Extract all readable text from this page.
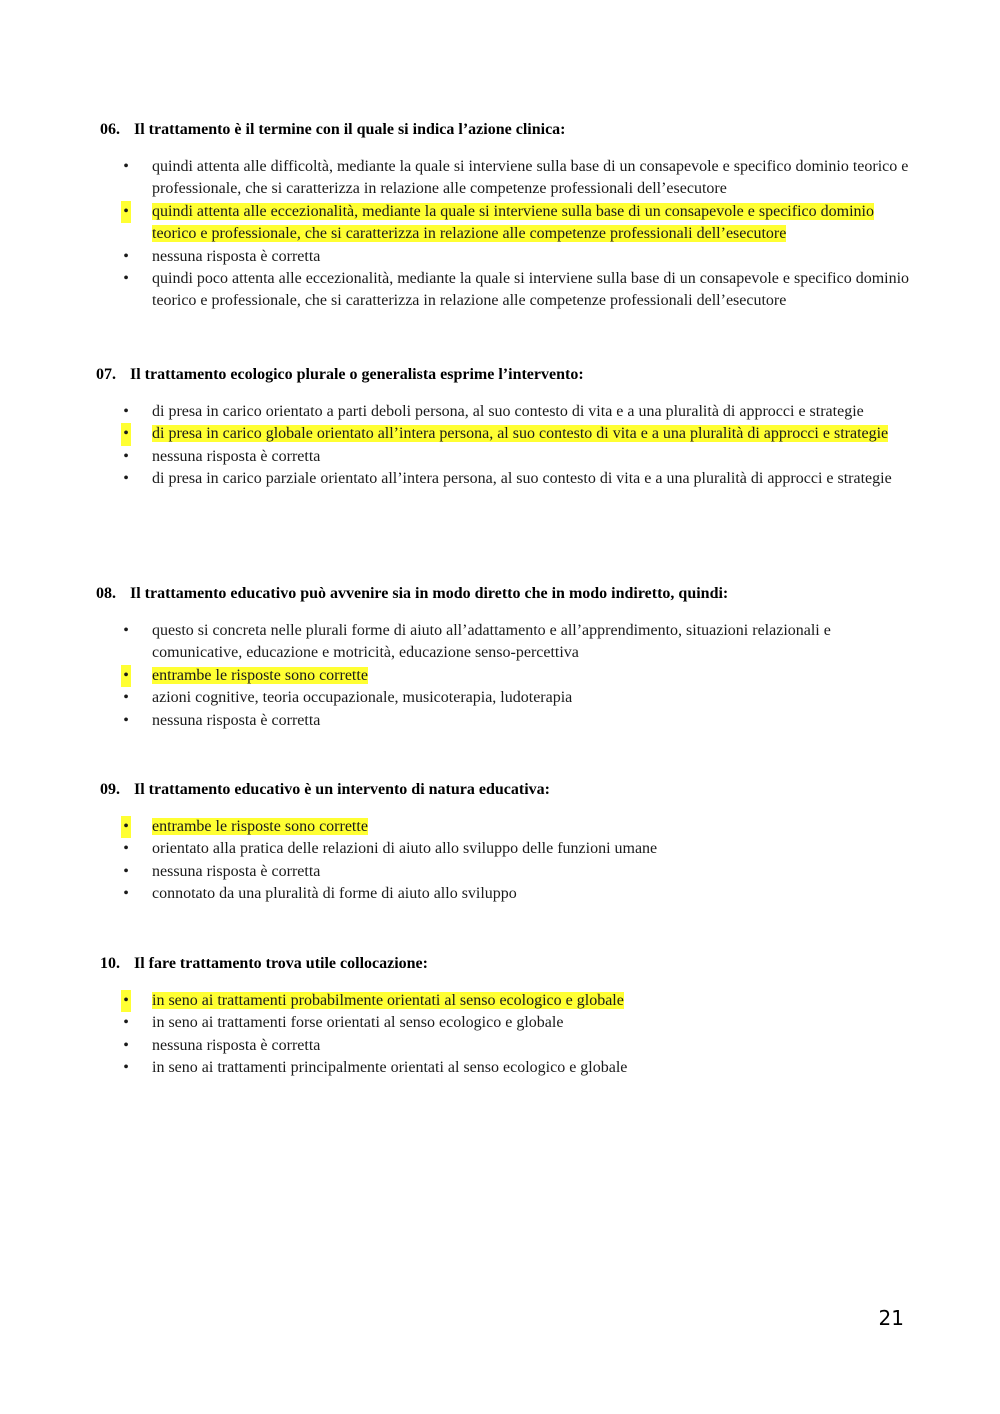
06. Il trattamento è il termine con il quale si indica l’azione clinica:

• quindi attenta alle difficoltà, mediante la quale si interviene sulla base di un consapevole e specifico dominio teorico e professionale, che si caratterizza in relazione alle competenze professionali dell’esecutore
• quindi attenta alle eccezionalità, mediante la quale si interviene sulla base di un consapevole e specifico dominio teorico e professionale, che si caratterizza in relazione alle competenze professionali dell’esecutore
• nessuna risposta è corretta
• quindi poco attenta alle eccezionalità, mediante la quale si interviene sulla base di un consapevole e specifico dominio teorico e professionale, che si caratterizza in relazione alle competenze professionali dell’esecutore

07. Il trattamento ecologico plurale o generalista esprime l’intervento:

• di presa in carico orientato a parti deboli persona, al suo contesto di vita e a una pluralità di approcci e strategie
• di presa in carico globale orientato all’intera persona, al suo contesto di vita e a una pluralità di approcci e strategie
• nessuna risposta è corretta
• di presa in carico parziale orientato all’intera persona, al suo contesto di vita e a una pluralità di approcci e strategie

08. Il trattamento educativo può avvenire sia in modo diretto che in modo indiretto, quindi:

• questo si concreta nelle plurali forme di aiuto all’adattamento e all’apprendimento, situazioni relazionali e comunicative, educazione e motricità, educazione senso-percettiva
• entrambe le risposte sono corrette
• azioni cognitive, teoria occupazionale, musicoterapia, ludoterapia
• nessuna risposta è corretta

09. Il trattamento educativo è un intervento di natura educativa:

• entrambe le risposte sono corrette
• orientato alla pratica delle relazioni di aiuto allo sviluppo delle funzioni umane
• nessuna risposta è corretta
• connotato da una pluralità di forme di aiuto allo sviluppo

10. Il fare trattamento trova utile collocazione:

• in seno ai trattamenti probabilmente orientati al senso ecologico e globale
• in seno ai trattamenti forse orientati al senso ecologico e globale
• nessuna risposta è corretta
• in seno ai trattamenti principalmente orientati al senso ecologico e globale
21
